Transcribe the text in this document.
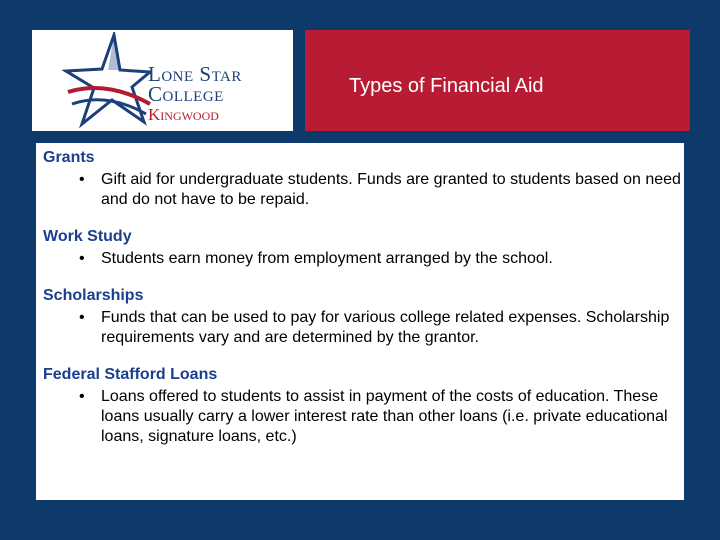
Lone Star
College
Kingwood
Types of Financial Aid
Grants
• Gift aid for undergraduate students. Funds are granted to students based on need and do not have to be repaid.
Work Study
• Students earn money from employment arranged by the school.
Scholarships
• Funds that can be used to pay for various college related expenses. Scholarship requirements vary and are determined by the grantor.
Federal Stafford Loans
• Loans offered to students to assist in payment of the costs of education. These loans usually carry a lower interest rate than other loans (i.e. private educational loans, signature loans, etc.)
